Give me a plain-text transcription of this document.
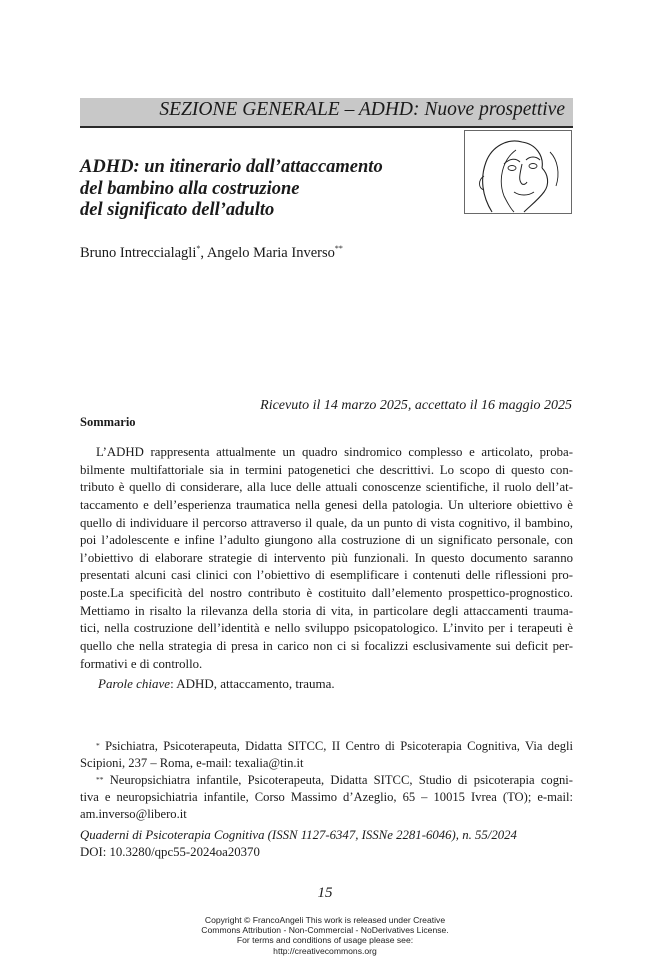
SEZIONE GENERALE – ADHD: Nuove prospettive
ADHD: un itinerario dall’attaccamento
del bambino alla costruzione
del significato dell’adulto
Bruno Intreccialagli*, Angelo Maria Inverso**
Ricevuto il 14 marzo 2025, accettato il 16 maggio 2025
Sommario
L’ADHD rappresenta attualmente un quadro sindromico complesso e articolato, proba-
bilmente multifattoriale sia in termini patogenetici che descrittivi. Lo scopo di questo con-
tributo è quello di considerare, alla luce delle attuali conoscenze scientifiche, il ruolo dell’at-
taccamento e dell’esperienza traumatica nella genesi della patologia. Un ulteriore obiettivo è
quello di individuare il percorso attraverso il quale, da un punto di vista cognitivo, il bambino,
poi l’adolescente e infine l’adulto giungono alla costruzione di un significato personale, con
l’obiettivo di elaborare strategie di intervento più funzionali. In questo documento saranno
presentati alcuni casi clinici con l’obiettivo di esemplificare i contenuti delle riflessioni pro-
poste.La specificità del nostro contributo è costituito dall’elemento prospettico-prognostico.
Mettiamo in risalto la rilevanza della storia di vita, in particolare degli attaccamenti trauma-
tici, nella costruzione dell’identità e nello sviluppo psicopatologico. L’invito per i terapeuti è
quello che nella strategia di presa in carico non ci si focalizzi esclusivamente sui deficit per-
formativi e di controllo.
Parole chiave: ADHD, attaccamento, trauma.
* Psichiatra, Psicoterapeuta, Didatta SITCC, II Centro di Psicoterapia Cognitiva, Via degli
Scipioni, 237 – Roma, e-mail: texalia@tin.it
** Neuropsichiatra infantile, Psicoterapeuta, Didatta SITCC, Studio di psicoterapia cogni-
tiva e neuropsichiatria infantile, Corso Massimo d’Azeglio, 65 – 10015 Ivrea (TO); e-mail:
am.inverso@libero.it
Quaderni di Psicoterapia Cognitiva (ISSN 1127-6347, ISSNe 2281-6046), n. 55/2024
DOI: 10.3280/qpc55-2024oa20370
15
Copyright © FrancoAngeli This work is released under Creative
Commons Attribution - Non-Commercial - NoDerivatives License.
For terms and conditions of usage please see:
http://creativecommons.org
